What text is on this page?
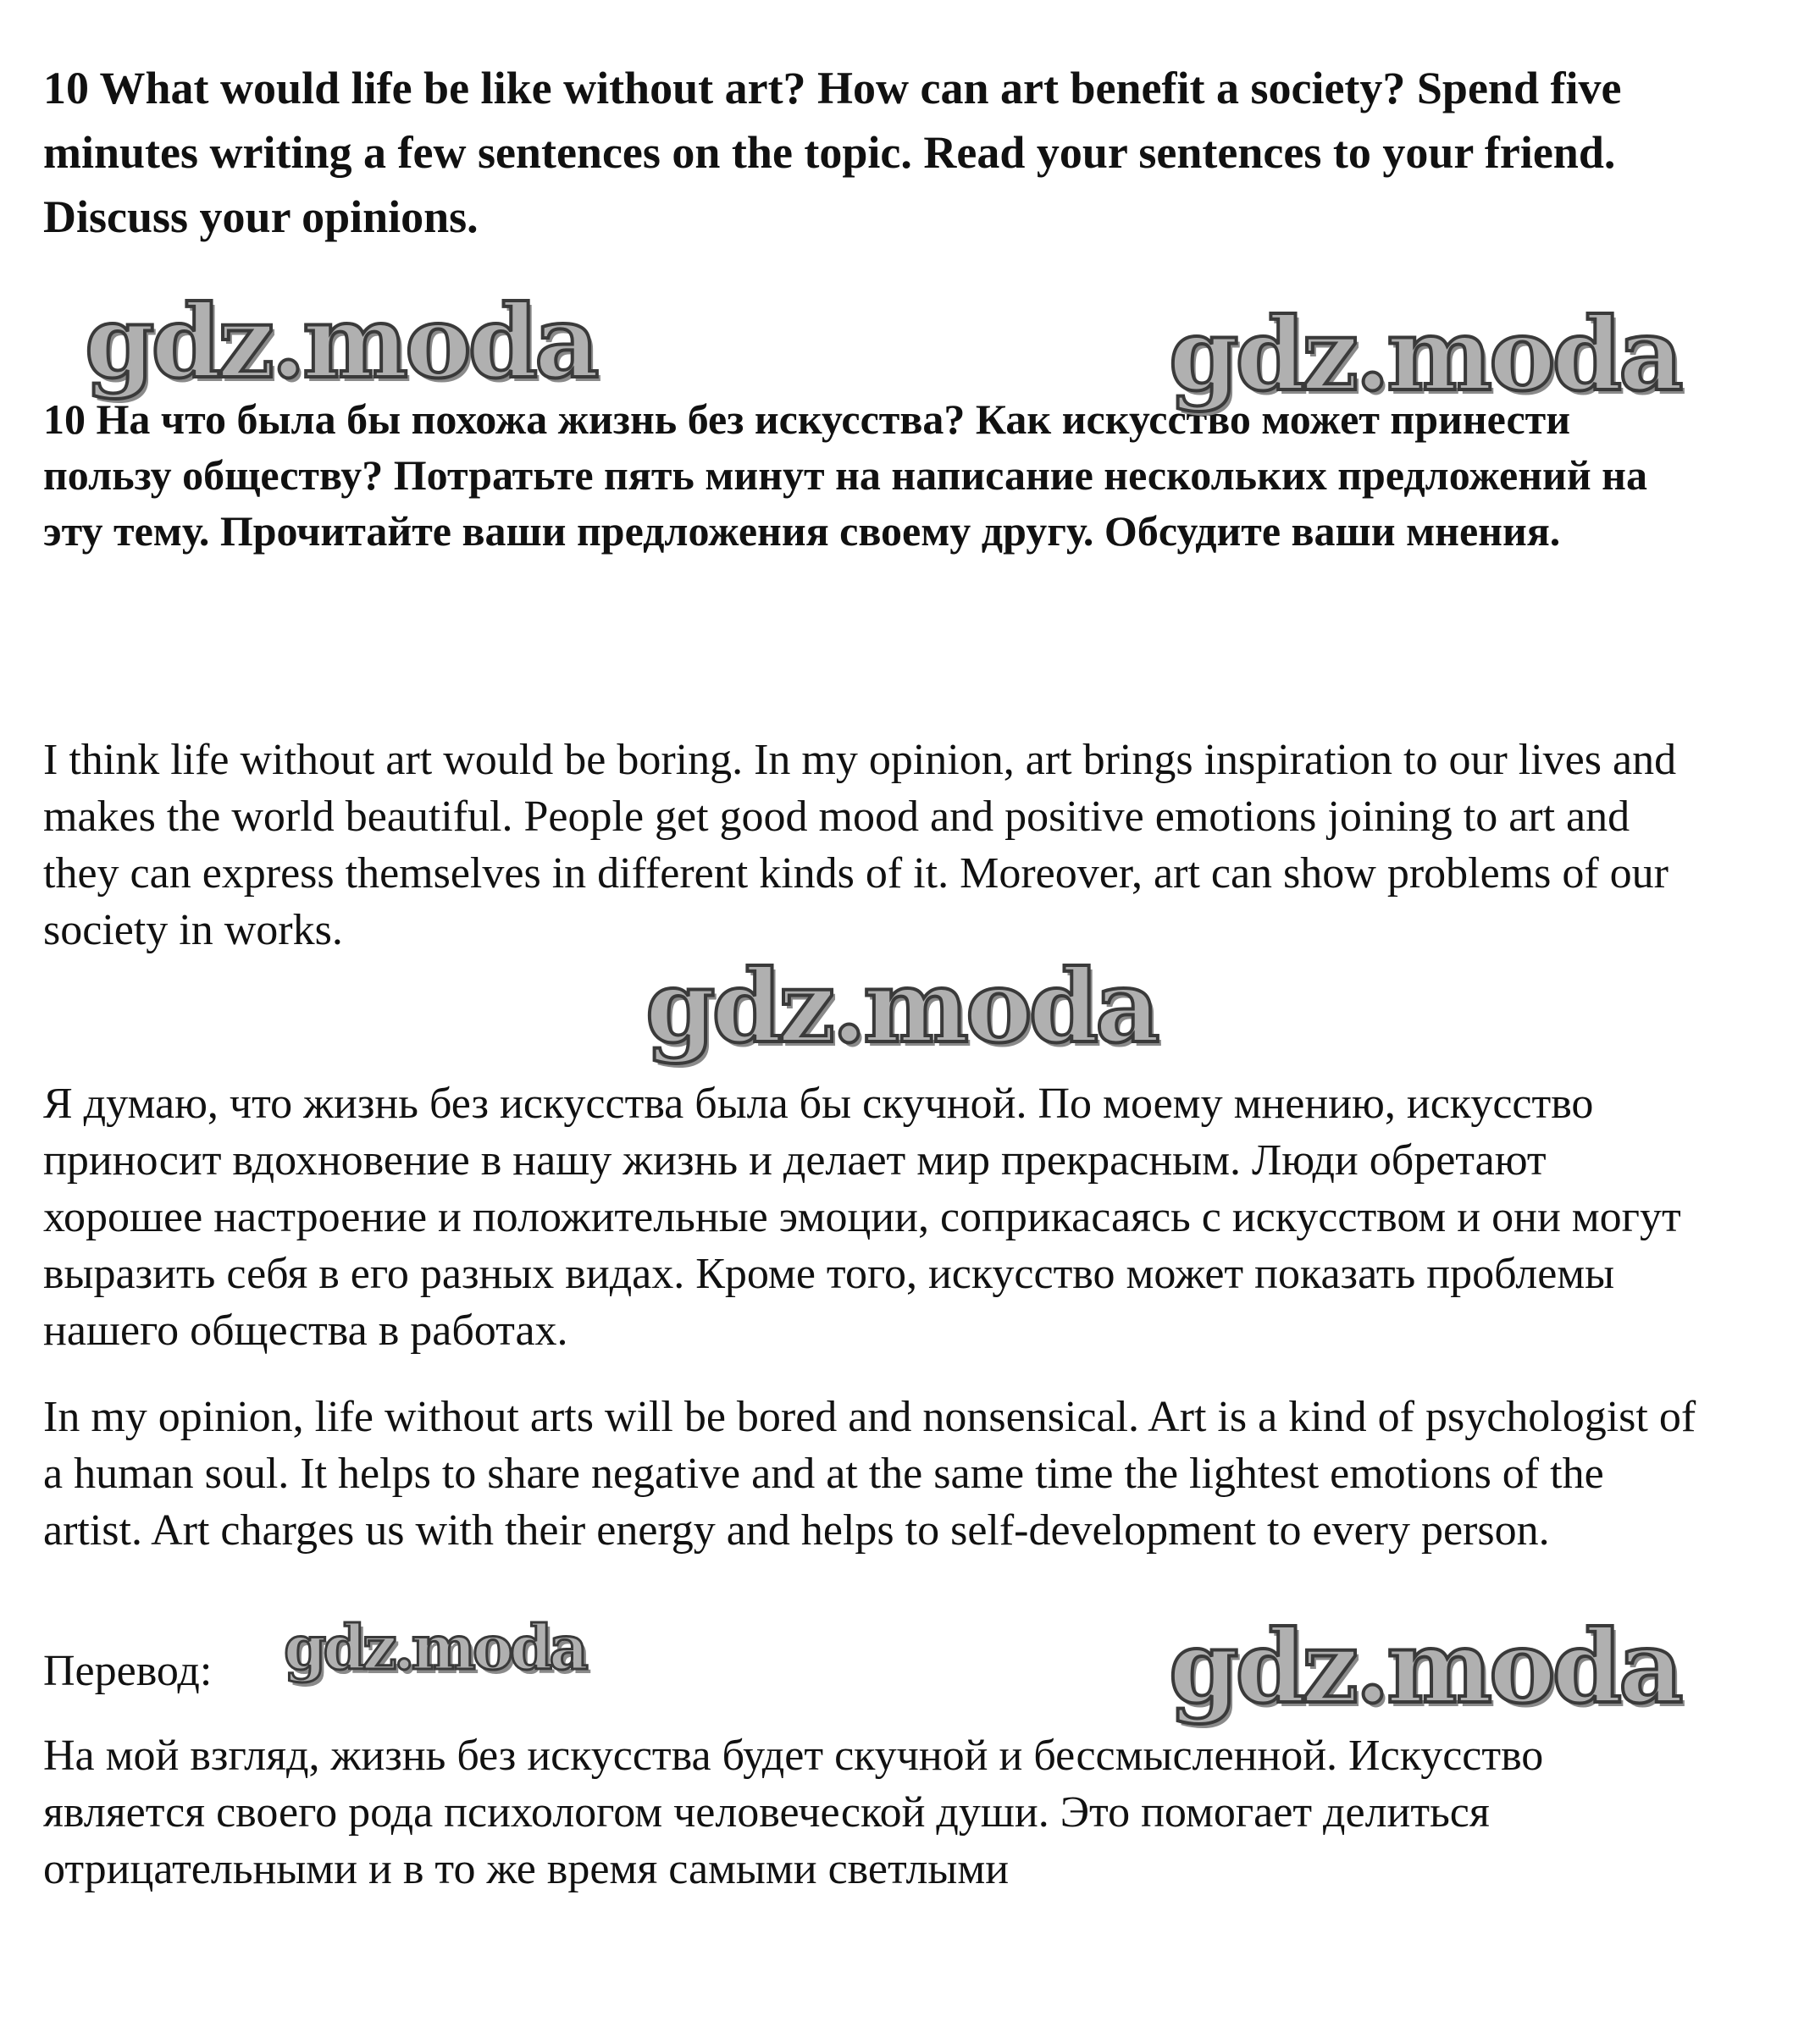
10 What would life be like without art? How can art benefit a society? Spend five minutes writing a few sentences on the topic. Read your sentences to your friend. Discuss your opinions.

10 На что была бы похожа жизнь без искусства? Как искусство может принести пользу обществу? Потратьте пять минут на написание нескольких предложений на эту тему. Прочитайте ваши предложения своему другу. Обсудите ваши мнения.

I think life without art would be boring. In my opinion, art brings inspiration to our lives and makes the world beautiful. People get good mood and positive emotions joining to art and they can express themselves in different kinds of it. Moreover, art can show problems of our society in works.

Я думаю, что жизнь без искусства была бы скучной. По моему мнению, искусство приносит вдохновение в нашу жизнь и делает мир прекрасным. Люди обретают хорошее настроение и положительные эмоции, соприкасаясь с искусством и они могут выразить себя в его разных видах. Кроме того, искусство может показать проблемы нашего общества в работах.

In my opinion, life without arts will be bored and nonsensical. Art is a kind of psychologist of a human soul. It helps to share negative and at the same time the lightest emotions of the artist. Art charges us with their energy and helps to self-development to every person.

Перевод:

На мой взгляд, жизнь без искусства будет скучной и бессмысленной. Искусство является своего рода психологом человеческой души. Это помогает делиться отрицательными и в то же время самыми светлыми

gdz.moda	gdz.moda
gdz.moda
gdz.moda	gdz.moda
